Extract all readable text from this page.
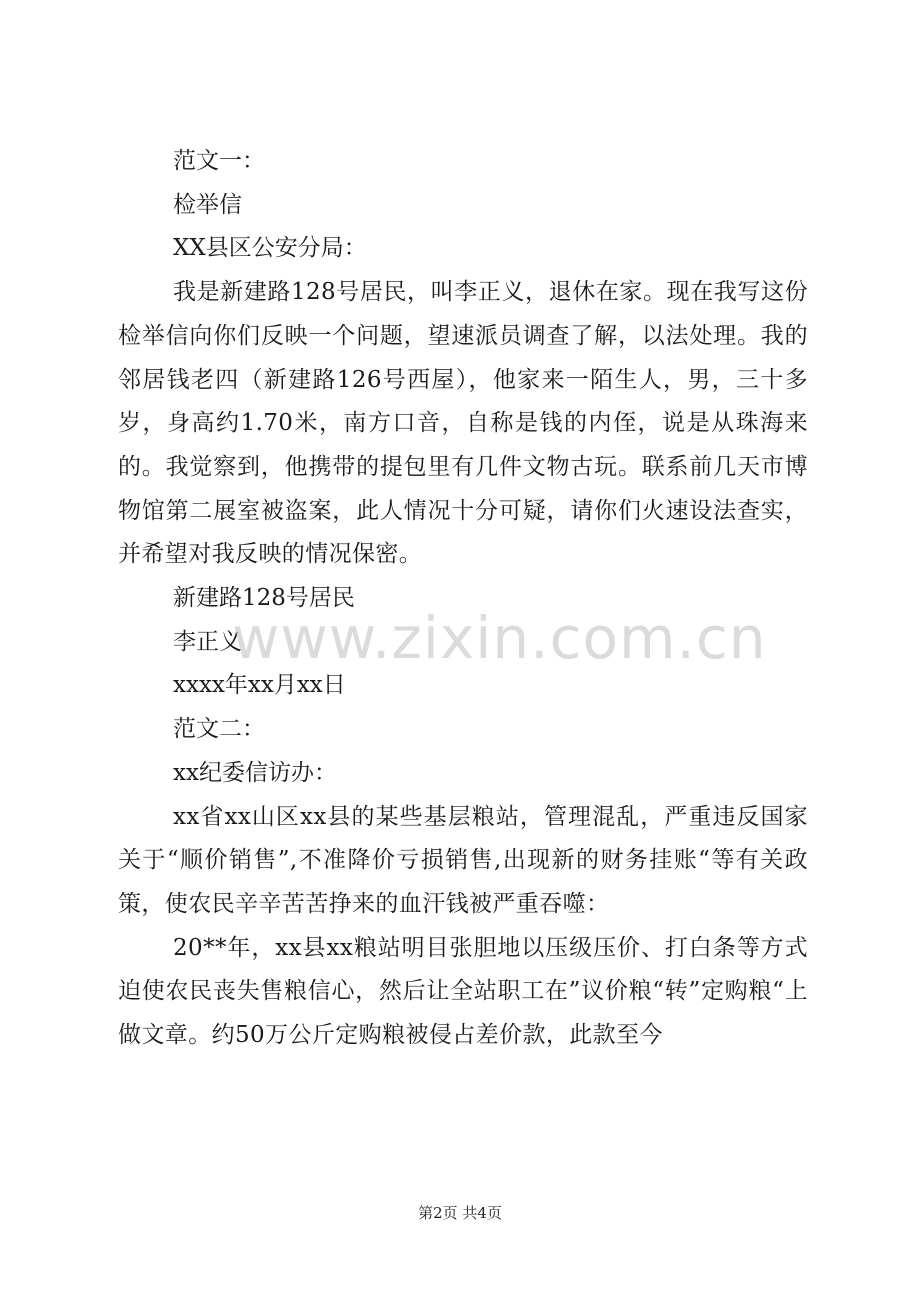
范文一：

检举信

XX县区公安分局：

我是新建路128号居民，叫李正义，退休在家。现在我写这份检举信向你们反映一个问题，望速派员调查了解，以法处理。我的邻居钱老四（新建路126号西屋），他家来一陌生人，男，三十多岁，身高约1.70米，南方口音，自称是钱的内侄，说是从珠海来的。我觉察到，他携带的提包里有几件文物古玩。联系前几天市博物馆第二展室被盗案，此人情况十分可疑，请你们火速设法查实，并希望对我反映的情况保密。

新建路128号居民

李正义

xxxx年xx月xx日

范文二：

xx纪委信访办：

xx省xx山区xx县的某些基层粮站，管理混乱，严重违反国家关于“顺价销售”,不准降价亏损销售,出现新的财务挂账“等有关政策，使农民辛辛苦苦挣来的血汗钱被严重吞噬：

20**年，xx县xx粮站明目张胆地以压级压价、打白条等方式迫使农民丧失售粮信心，然后让全站职工在”议价粮“转”定购粮“上做文章。约50万公斤定购粮被侵占差价款，此款至今

www.zixin.com.cn
第2页 共4页
